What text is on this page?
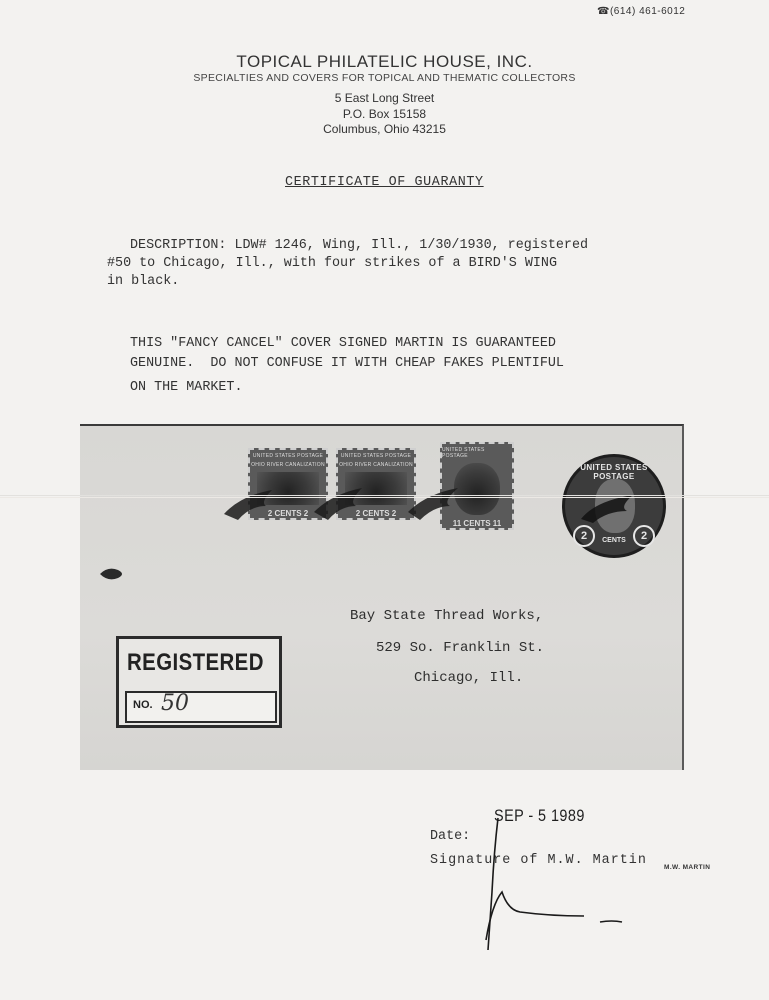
☎(614) 461-6012
TOPICAL PHILATELIC HOUSE, INC.
SPECIALTIES AND COVERS FOR TOPICAL AND THEMATIC COLLECTORS
5 East Long Street
P.O. Box 15158
Columbus, Ohio 43215
CERTIFICATE OF GUARANTY
DESCRIPTION: LDW# 1246, Wing, Ill., 1/30/1930, registered
#50 to Chicago, Ill., with four strikes of a BIRD'S WING
in black.
THIS "FANCY CANCEL" COVER SIGNED MARTIN IS GUARANTEED
GENUINE.  DO NOT CONFUSE IT WITH CHEAP FAKES PLENTIFUL
ON THE MARKET.
UNITED STATES POSTAGE
OHIO RIVER CANALIZATION
2 CENTS 2
UNITED STATES POSTAGE
OHIO RIVER CANALIZATION
2 CENTS 2
UNITED STATES POSTAGE
11 CENTS 11
UNITED STATES POSTAGE
2	2
CENTS
Bay State Thread Works,
529 So. Franklin St.
Chicago, Ill.
REGISTERED
NO. 50
SEP - 5 1989
Date:
Signature of M.W. Martin	M.W. MARTIN
